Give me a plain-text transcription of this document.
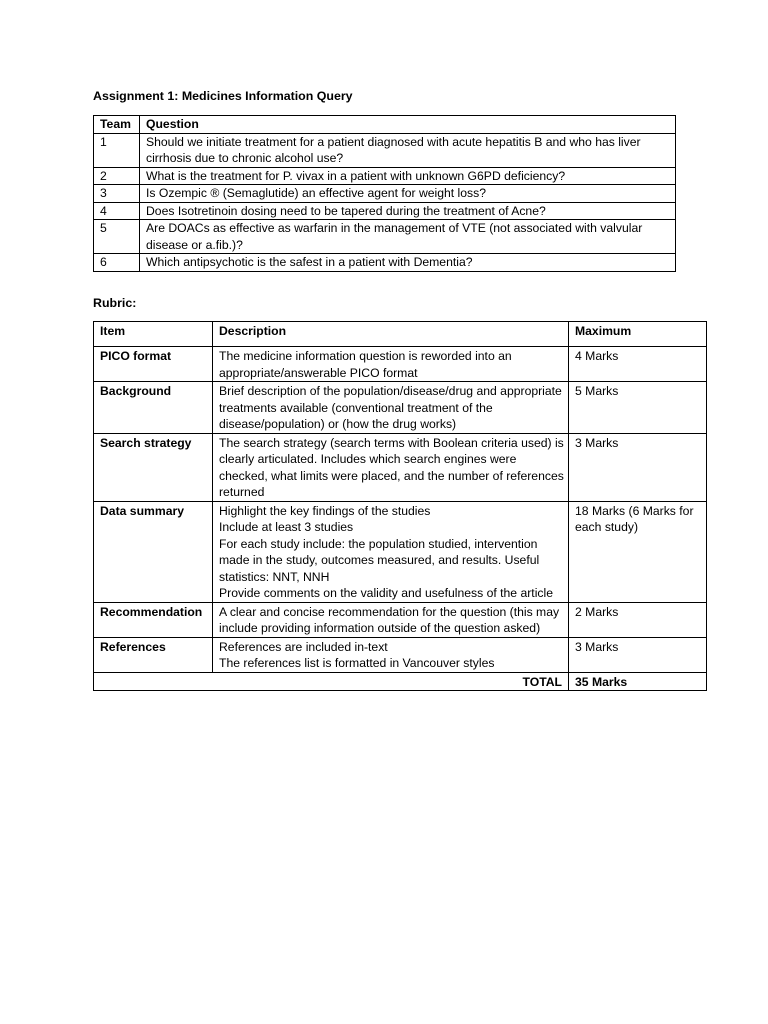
Assignment 1: Medicines Information Query
Team	Question
1	Should we initiate treatment for a patient diagnosed with acute hepatitis B and who has liver cirrhosis due to chronic alcohol use?
2	What is the treatment for P. vivax in a patient with unknown G6PD deficiency?
3	Is Ozempic ® (Semaglutide) an effective agent for weight loss?
4	Does Isotretinoin dosing need to be tapered during the treatment of Acne?
5	Are DOACs as effective as warfarin in the management of VTE (not associated with valvular disease or a.fib.)?
6	Which antipsychotic is the safest in a patient with Dementia?
Rubric:
Item	Description	Maximum
PICO format	The medicine information question is reworded into an appropriate/answerable PICO format	4 Marks
Background	Brief description of the population/disease/drug and appropriate treatments available (conventional treatment of the disease/population) or (how the drug works)	5 Marks
Search strategy	The search strategy (search terms with Boolean criteria used) is clearly articulated. Includes which search engines were checked, what limits were placed, and the number of references returned	3 Marks
Data summary	Highlight the key findings of the studies
Include at least 3 studies
For each study include: the population studied, intervention made in the study, outcomes measured, and results. Useful statistics: NNT, NNH
Provide comments on the validity and usefulness of the article	18 Marks (6 Marks for each study)
Recommendation	A clear and concise recommendation for the question (this may include providing information outside of the question asked)	2 Marks
References	References are included in-text
The references list is formatted in Vancouver styles	3 Marks
TOTAL		35 Marks
